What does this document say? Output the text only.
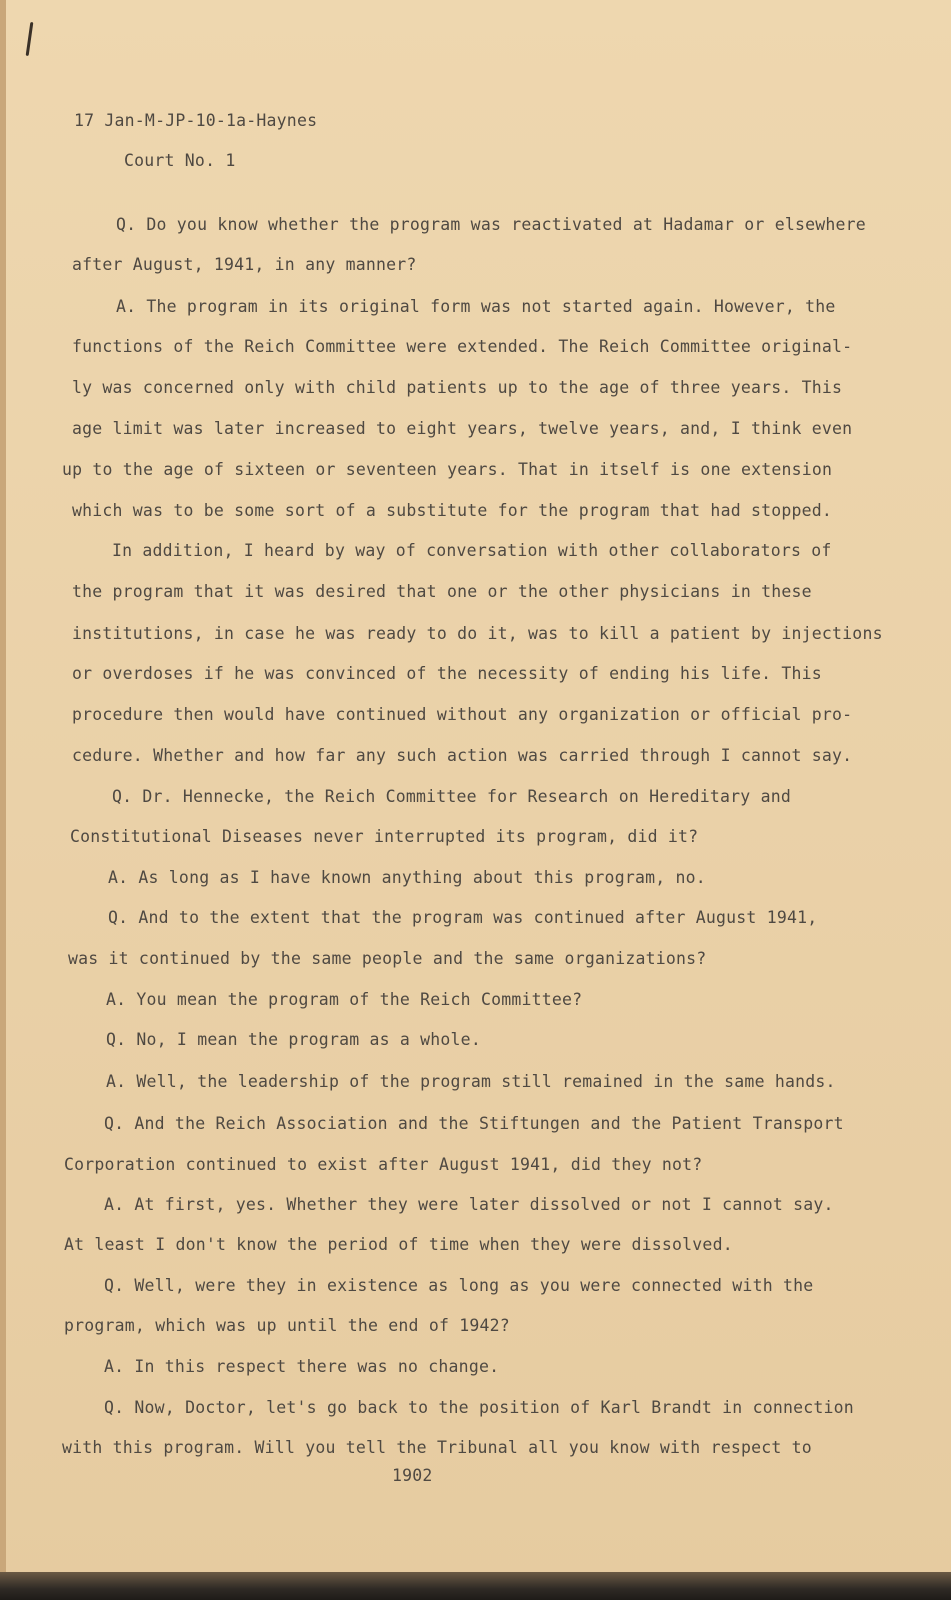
17 Jan-M-JP-10-1a-Haynes
Court No. 1
Q. Do you know whether the program was reactivated at Hadamar or elsewhere
after August, 1941, in any manner?
A. The program in its original form was not started again. However, the
functions of the Reich Committee were extended. The Reich Committee original-
ly was concerned only with child patients up to the age of three years. This
age limit was later increased to eight years, twelve years, and, I think even
up to the age of sixteen or seventeen years. That in itself is one extension
which was to be some sort of a substitute for the program that had stopped.
In addition, I heard by way of conversation with other collaborators of
the program that it was desired that one or the other physicians in these
institutions, in case he was ready to do it, was to kill a patient by injections
or overdoses if he was convinced of the necessity of ending his life. This
procedure then would have continued without any organization or official pro-
cedure. Whether and how far any such action was carried through I cannot say.
Q. Dr. Hennecke, the Reich Committee for Research on Hereditary and
Constitutional Diseases never interrupted its program, did it?
A. As long as I have known anything about this program, no.
Q. And to the extent that the program was continued after August 1941,
was it continued by the same people and the same organizations?
A. You mean the program of the Reich Committee?
Q. No, I mean the program as a whole.
A. Well, the leadership of the program still remained in the same hands.
Q. And the Reich Association and the Stiftungen and the Patient Transport
Corporation continued to exist after August 1941, did they not?
A. At first, yes. Whether they were later dissolved or not I cannot say.
At least I don't know the period of time when they were dissolved.
Q. Well, were they in existence as long as you were connected with the
program, which was up until the end of 1942?
A. In this respect there was no change.
Q. Now, Doctor, let's go back to the position of Karl Brandt in connection
with this program. Will you tell the Tribunal all you know with respect to
1902
